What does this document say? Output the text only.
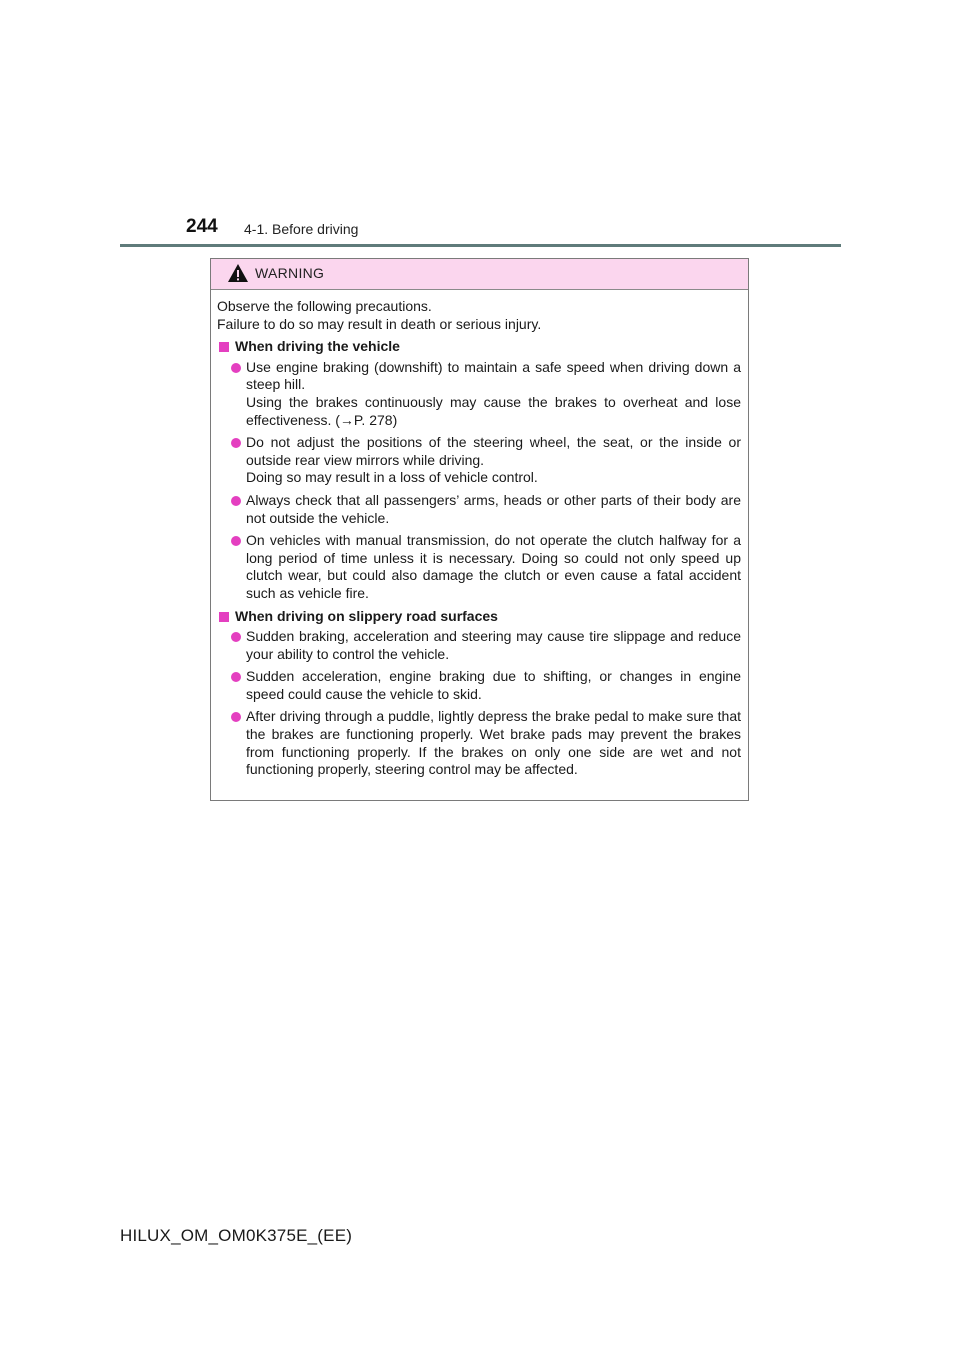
244 4-1. Before driving
WARNING
Observe the following precautions.
Failure to do so may result in death or serious injury.
When driving the vehicle

Use engine braking (downshift) to maintain a safe speed when driving down a steep hill.

Using the brakes continuously may cause the brakes to overheat and lose effectiveness. (→P. 278)

Do not adjust the positions of the steering wheel, the seat, or the inside or outside rear view mirrors while driving.

Doing so may result in a loss of vehicle control.

Always check that all passengers’ arms, heads or other parts of their body are not outside the vehicle.

On vehicles with manual transmission, do not operate the clutch halfway for a long period of time unless it is necessary. Doing so could not only speed up clutch wear, but could also damage the clutch or even cause a fatal accident such as vehicle fire.

When driving on slippery road surfaces

Sudden braking, acceleration and steering may cause tire slippage and reduce your ability to control the vehicle.

Sudden acceleration, engine braking due to shifting, or changes in engine speed could cause the vehicle to skid.

After driving through a puddle, lightly depress the brake pedal to make sure that the brakes are functioning properly. Wet brake pads may prevent the brakes from functioning properly. If the brakes on only one side are wet and not functioning properly, steering control may be affected.

HILUX_OM_OM0K375E_(EE)
